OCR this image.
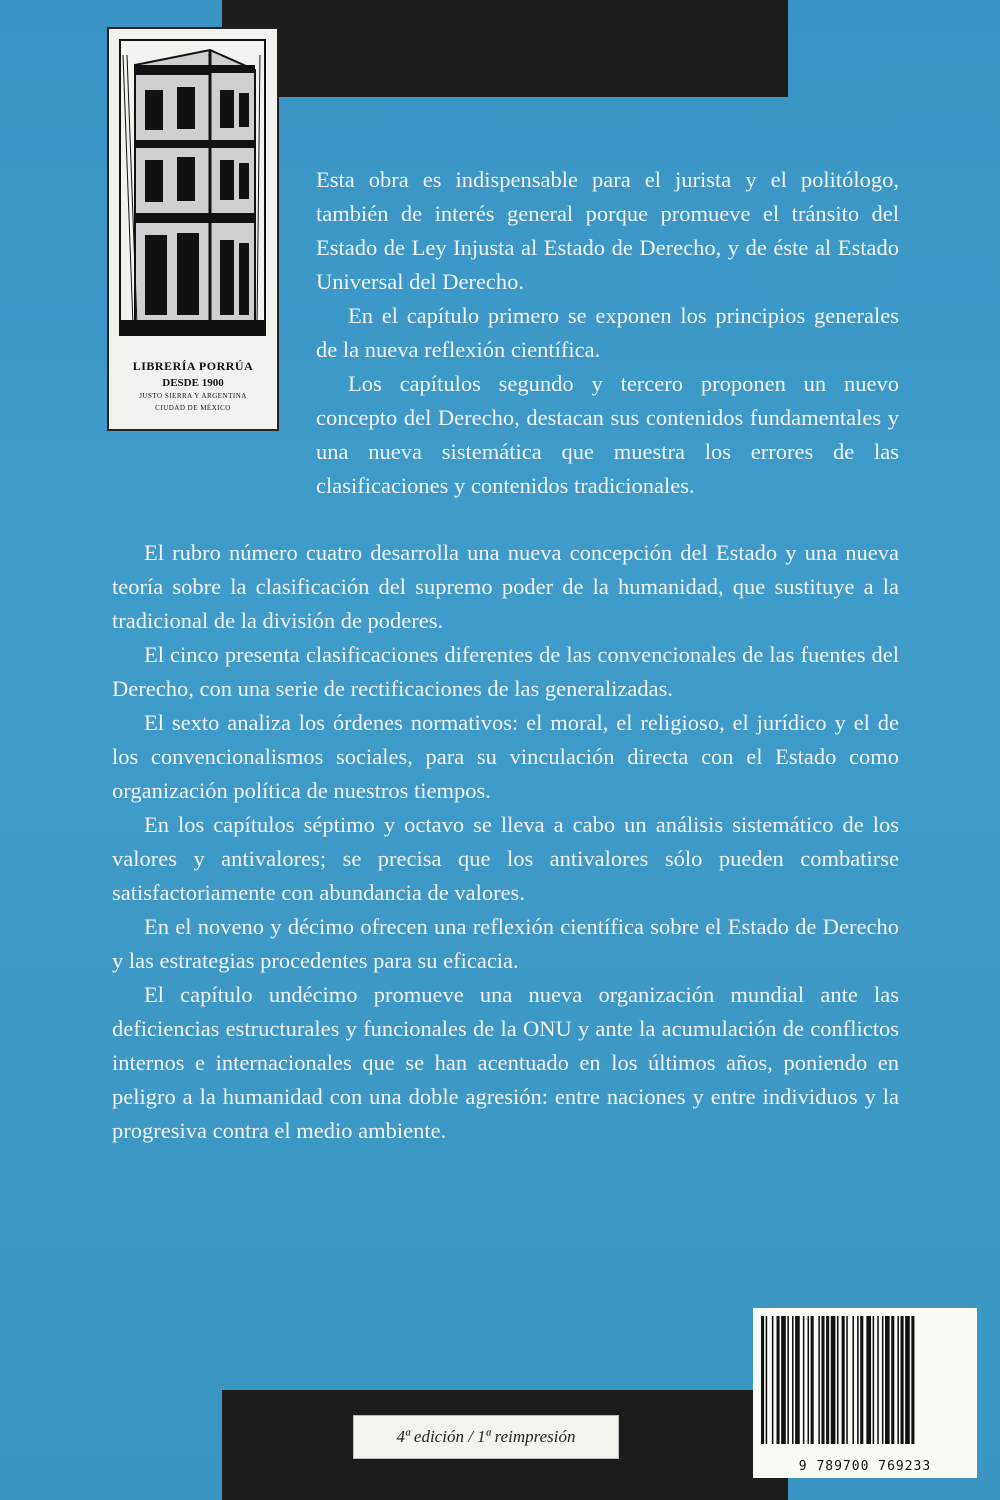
LIBRERÍA PORRÚA
DESDE 1900
JUSTO SIERRA Y ARGENTINA
CIUDAD DE MÉXICO

Esta obra es indispensable para el jurista y el politólogo, también de interés general porque promueve el tránsito del Estado de Ley Injusta al Estado de Derecho, y de éste al Estado Universal del Derecho.

En el capítulo primero se exponen los principios generales de la nueva reflexión científica.

Los capítulos segundo y tercero proponen un nuevo concepto del Derecho, destacan sus contenidos fundamentales y una nueva sistemática que muestra los errores de las clasificaciones y contenidos tradicionales.

El rubro número cuatro desarrolla una nueva concepción del Estado y una nueva teoría sobre la clasificación del supremo poder de la humanidad, que sustituye a la tradicional de la división de poderes.

El cinco presenta clasificaciones diferentes de las convencionales de las fuentes del Derecho, con una serie de rectificaciones de las generalizadas.

El sexto analiza los órdenes normativos: el moral, el religioso, el jurídico y el de los convencionalismos sociales, para su vinculación directa con el Estado como organización política de nuestros tiempos.

En los capítulos séptimo y octavo se lleva a cabo un análisis sistemático de los valores y antivalores; se precisa que los antivalores sólo pueden combatirse satisfactoriamente con abundancia de valores.

En el noveno y décimo ofrecen una reflexión científica sobre el Estado de Derecho y las estrategias procedentes para su eficacia.

El capítulo undécimo promueve una nueva organización mundial ante las deficiencias estructurales y funcionales de la ONU y ante la acumulación de conflictos internos e internacionales que se han acentuado en los últimos años, poniendo en peligro a la humanidad con una doble agresión: entre naciones y entre individuos y la progresiva contra el medio ambiente.

9 789700 769233
4ª edición / 1ª reimpresión
